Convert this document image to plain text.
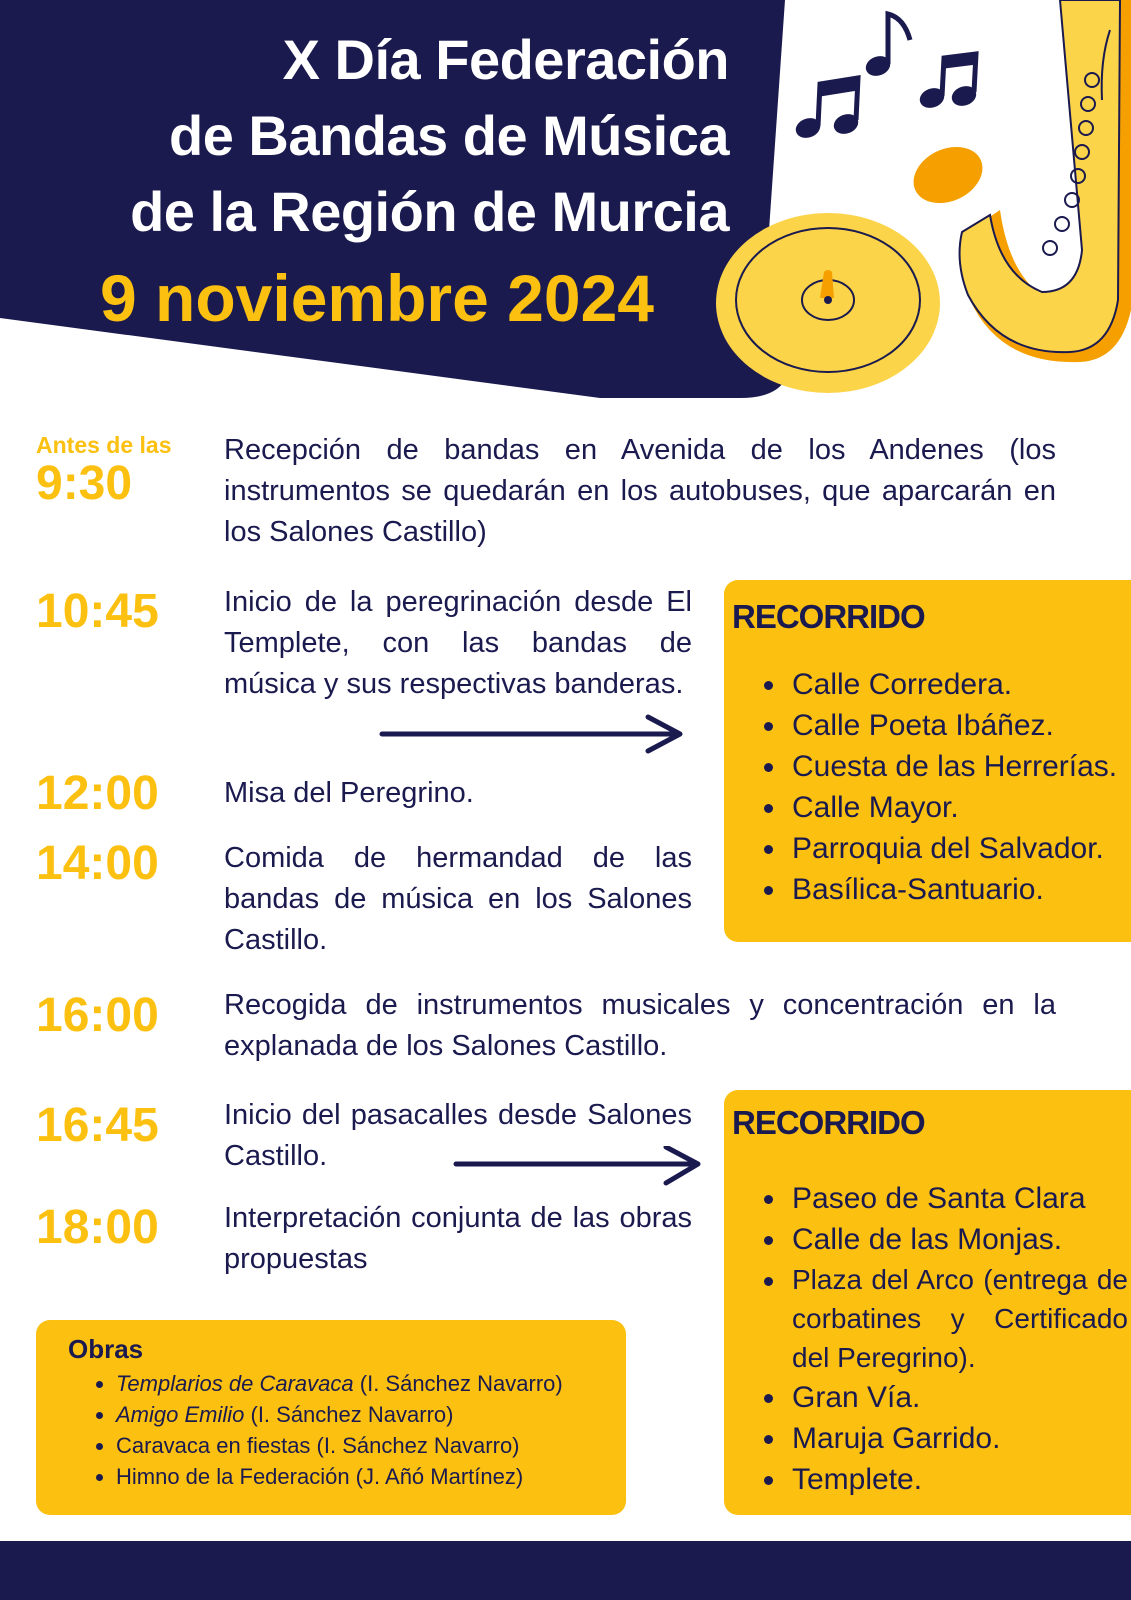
X Día Federación
de Bandas de Música
de la Región de Murcia
9 noviembre 2024
Antes de las
9:30

Recepción de bandas en Avenida de los Andenes (los instrumentos se quedarán en los autobuses, que aparcarán en los Salones Castillo)

10:45 Inicio de la peregrinación desde El Templete, con las bandas de música y sus respectivas banderas.

12:00 Misa del Peregrino.

14:00 Comida de hermandad de las bandas de música en los Salones Castillo.

16:00 Recogida de instrumentos musicales y concentración en la explanada de los Salones Castillo.

16:45 Inicio del pasacalles desde Salones Castillo.

18:00 Interpretación conjunta de las obras propuestas

RECORRIDO
Calle Corredera.
Calle Poeta Ibáñez.
Cuesta de las Herrerías.
Calle Mayor.
Parroquia del Salvador.
Basílica-Santuario.
RECORRIDO
Paseo de Santa Clara
Calle de las Monjas.
Plaza del Arco (entrega de corbatines y Certificado del Peregrino).
Gran Vía.
Maruja Garrido.
Templete.
Obras
Templarios de Caravaca (I. Sánchez Navarro)
Amigo Emilio (I. Sánchez Navarro)
Caravaca en fiestas (I. Sánchez Navarro)
Himno de la Federación (J. Añó Martínez)
